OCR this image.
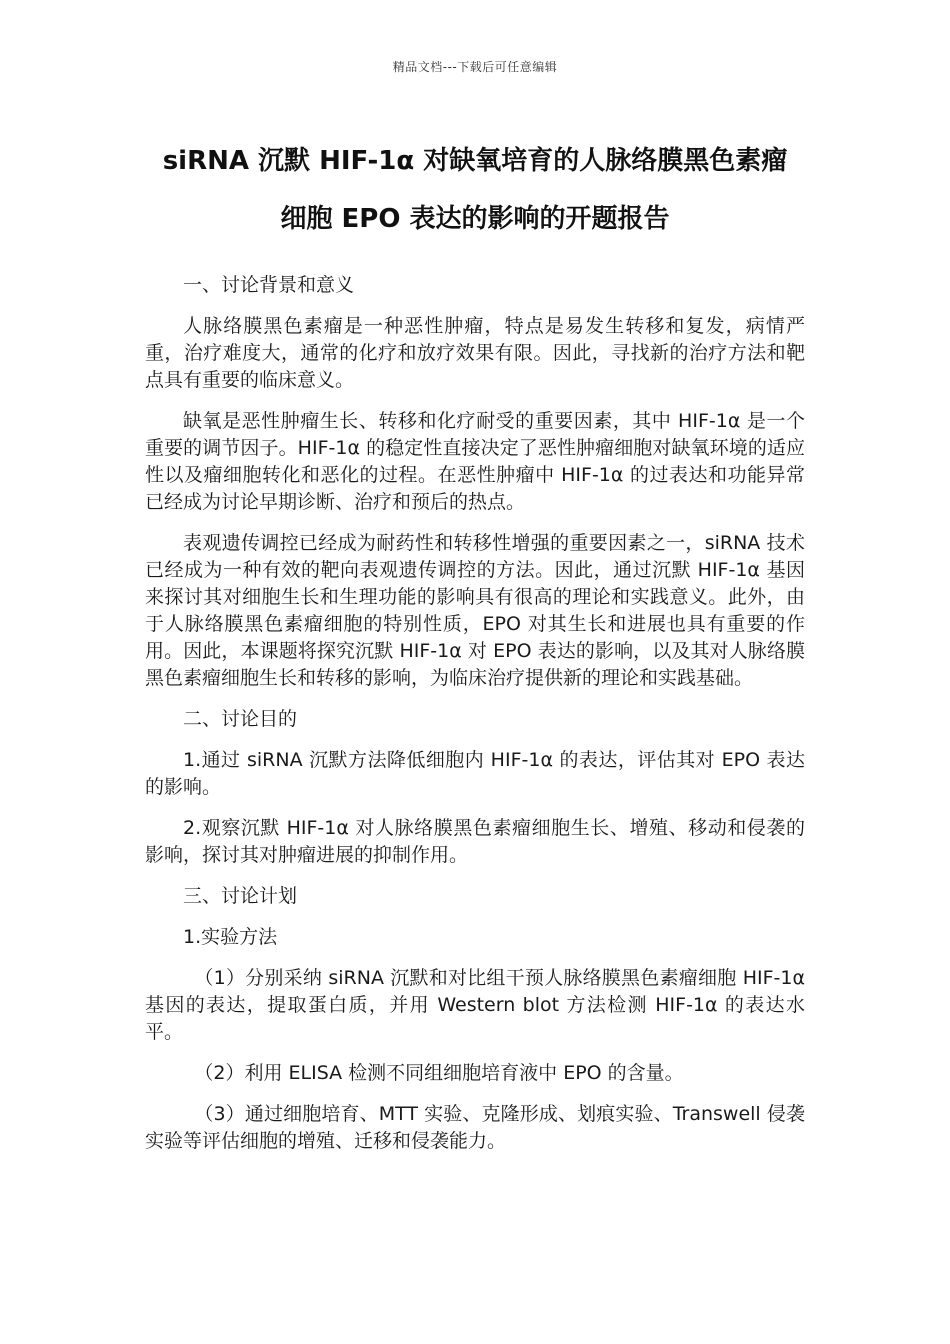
精品文档---下载后可任意编辑
siRNA 沉默 HIF-1α 对缺氧培育的人脉络膜黑色素瘤
细胞 EPO 表达的影响的开题报告

一、讨论背景和意义

人脉络膜黑色素瘤是一种恶性肿瘤，特点是易发生转移和复发，病情严重，治疗难度大，通常的化疗和放疗效果有限。因此，寻找新的治疗方法和靶点具有重要的临床意义。

缺氧是恶性肿瘤生长、转移和化疗耐受的重要因素，其中 HIF-1α 是一个重要的调节因子。HIF-1α 的稳定性直接决定了恶性肿瘤细胞对缺氧环境的适应性以及瘤细胞转化和恶化的过程。在恶性肿瘤中 HIF-1α 的过表达和功能异常已经成为讨论早期诊断、治疗和预后的热点。

表观遗传调控已经成为耐药性和转移性增强的重要因素之一，siRNA 技术已经成为一种有效的靶向表观遗传调控的方法。因此，通过沉默 HIF-1α 基因来探讨其对细胞生长和生理功能的影响具有很高的理论和实践意义。此外，由于人脉络膜黑色素瘤细胞的特别性质，EPO 对其生长和进展也具有重要的作用。因此，本课题将探究沉默 HIF-1α 对 EPO 表达的影响，以及其对人脉络膜黑色素瘤细胞生长和转移的影响，为临床治疗提供新的理论和实践基础。

二、讨论目的

1.通过 siRNA 沉默方法降低细胞内 HIF-1α 的表达，评估其对 EPO 表达的影响。

2.观察沉默 HIF-1α 对人脉络膜黑色素瘤细胞生长、增殖、移动和侵袭的影响，探讨其对肿瘤进展的抑制作用。

三、讨论计划

1.实验方法

（1）分别采纳 siRNA 沉默和对比组干预人脉络膜黑色素瘤细胞 HIF-1α 基因的表达，提取蛋白质，并用 Western blot 方法检测 HIF-1α 的表达水平。

（2）利用 ELISA 检测不同组细胞培育液中 EPO 的含量。

（3）通过细胞培育、MTT 实验、克隆形成、划痕实验、Transwell 侵袭实验等评估细胞的增殖、迁移和侵袭能力。
